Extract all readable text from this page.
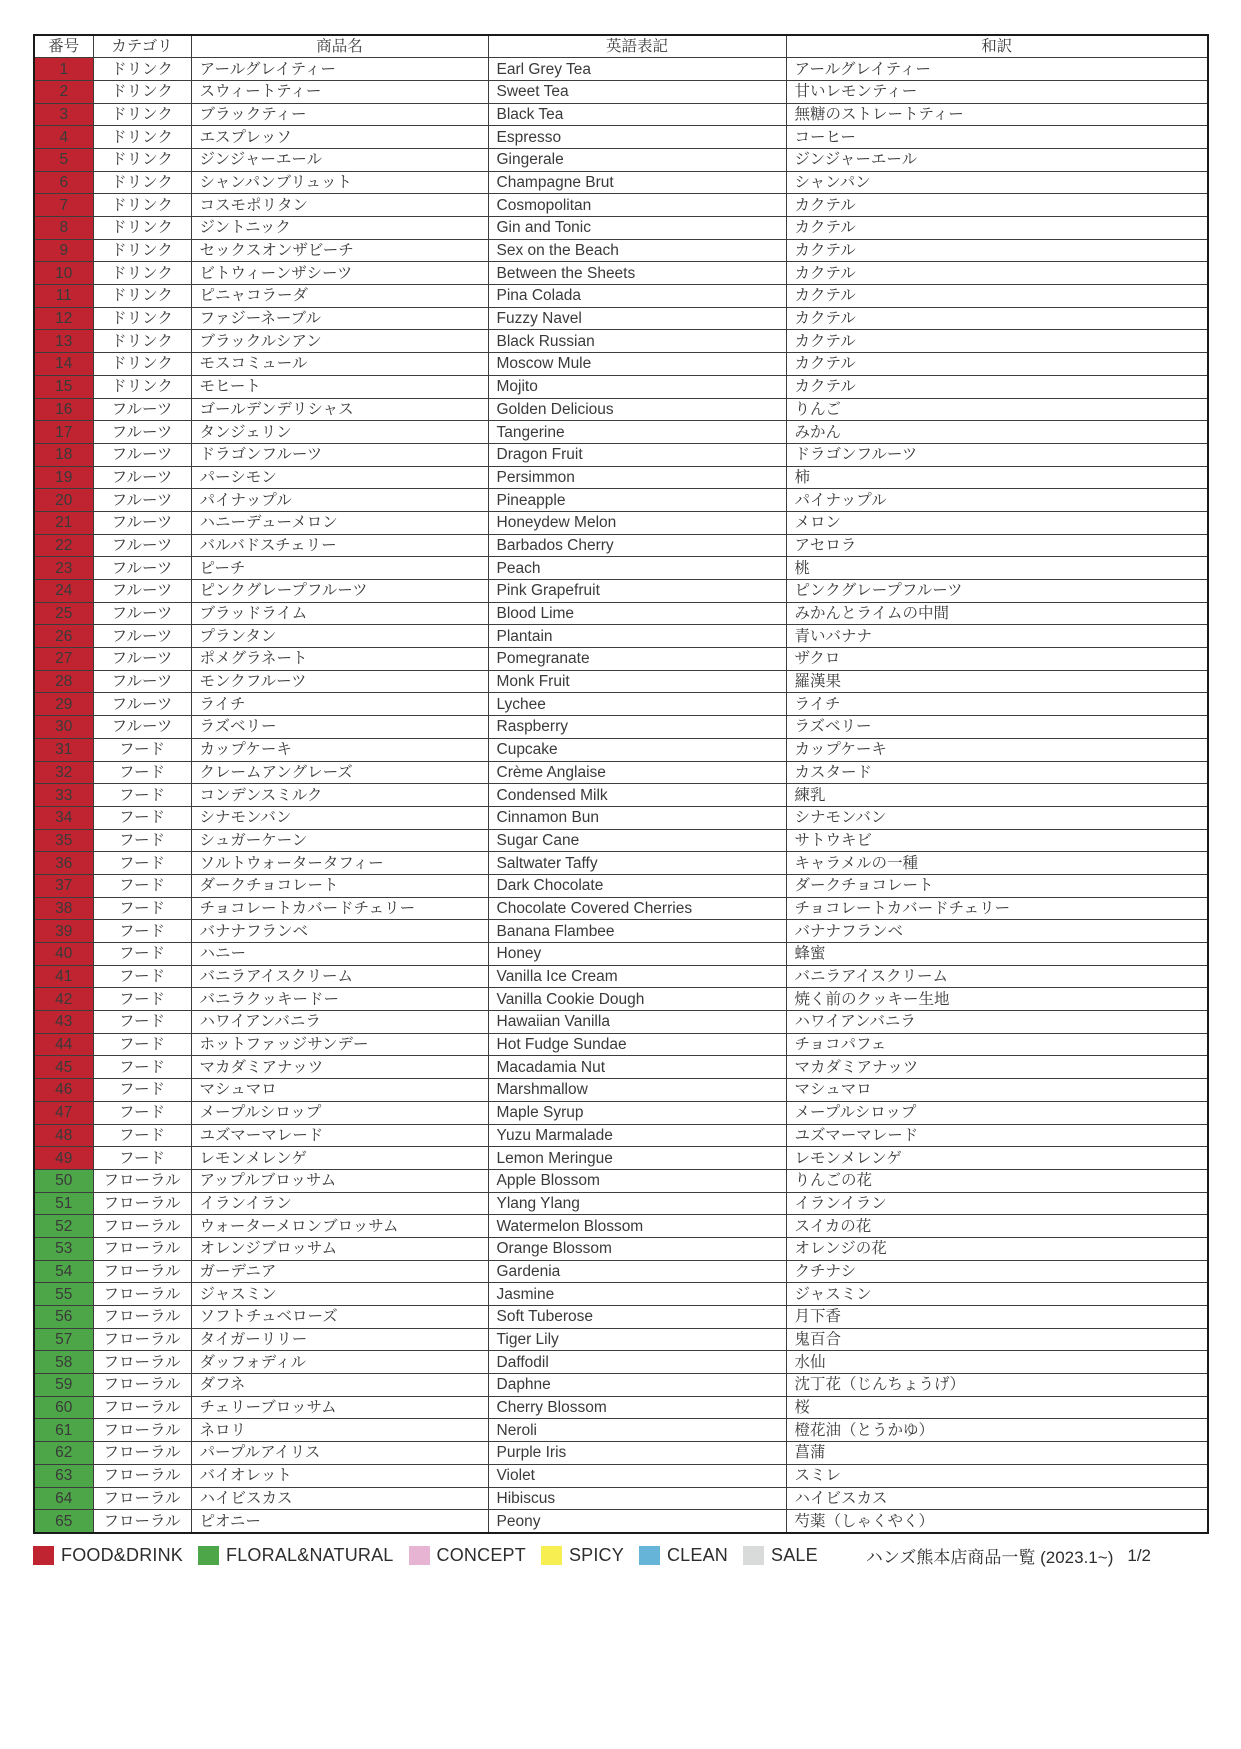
番号	カテゴリ	商品名	英語表記	和訳
1	ドリンク	アールグレイティー	Earl Grey Tea	アールグレイティー
2	ドリンク	スウィートティー	Sweet Tea	甘いレモンティー
3	ドリンク	ブラックティー	Black Tea	無糖のストレートティー
4	ドリンク	エスプレッソ	Espresso	コーヒー
5	ドリンク	ジンジャーエール	Gingerale	ジンジャーエール
6	ドリンク	シャンパンブリュット	Champagne Brut	シャンパン
7	ドリンク	コスモポリタン	Cosmopolitan	カクテル
8	ドリンク	ジントニック	Gin and Tonic	カクテル
9	ドリンク	セックスオンザビーチ	Sex on the Beach	カクテル
10	ドリンク	ビトウィーンザシーツ	Between the Sheets	カクテル
11	ドリンク	ピニャコラーダ	Pina Colada	カクテル
12	ドリンク	ファジーネーブル	Fuzzy Navel	カクテル
13	ドリンク	ブラックルシアン	Black Russian	カクテル
14	ドリンク	モスコミュール	Moscow Mule	カクテル
15	ドリンク	モヒート	Mojito	カクテル
16	フルーツ	ゴールデンデリシャス	Golden Delicious	りんご
17	フルーツ	タンジェリン	Tangerine	みかん
18	フルーツ	ドラゴンフルーツ	Dragon Fruit	ドラゴンフルーツ
19	フルーツ	パーシモン	Persimmon	柿
20	フルーツ	パイナップル	Pineapple	パイナップル
21	フルーツ	ハニーデューメロン	Honeydew Melon	メロン
22	フルーツ	バルバドスチェリー	Barbados Cherry	アセロラ
23	フルーツ	ピーチ	Peach	桃
24	フルーツ	ピンクグレープフルーツ	Pink Grapefruit	ピンクグレープフルーツ
25	フルーツ	ブラッドライム	Blood Lime	みかんとライムの中間
26	フルーツ	プランタン	Plantain	青いバナナ
27	フルーツ	ポメグラネート	Pomegranate	ザクロ
28	フルーツ	モンクフルーツ	Monk Fruit	羅漢果
29	フルーツ	ライチ	Lychee	ライチ
30	フルーツ	ラズベリー	Raspberry	ラズベリー
31	フード	カップケーキ	Cupcake	カップケーキ
32	フード	クレームアングレーズ	Crème Anglaise	カスタード
33	フード	コンデンスミルク	Condensed Milk	練乳
34	フード	シナモンバン	Cinnamon Bun	シナモンバン
35	フード	シュガーケーン	Sugar Cane	サトウキビ
36	フード	ソルトウォータータフィー	Saltwater Taffy	キャラメルの一種
37	フード	ダークチョコレート	Dark Chocolate	ダークチョコレート
38	フード	チョコレートカバードチェリー	Chocolate Covered Cherries	チョコレートカバードチェリー
39	フード	バナナフランベ	Banana Flambee	バナナフランベ
40	フード	ハニー	Honey	蜂蜜
41	フード	バニラアイスクリーム	Vanilla Ice Cream	バニラアイスクリーム
42	フード	バニラクッキードー	Vanilla Cookie Dough	焼く前のクッキー生地
43	フード	ハワイアンバニラ	Hawaiian Vanilla	ハワイアンバニラ
44	フード	ホットファッジサンデー	Hot Fudge Sundae	チョコパフェ
45	フード	マカダミアナッツ	Macadamia Nut	マカダミアナッツ
46	フード	マシュマロ	Marshmallow	マシュマロ
47	フード	メープルシロップ	Maple Syrup	メープルシロップ
48	フード	ユズマーマレード	Yuzu Marmalade	ユズマーマレード
49	フード	レモンメレンゲ	Lemon Meringue	レモンメレンゲ
50	フローラル	アップルブロッサム	Apple Blossom	りんごの花
51	フローラル	イランイラン	Ylang Ylang	イランイラン
52	フローラル	ウォーターメロンブロッサム	Watermelon Blossom	スイカの花
53	フローラル	オレンジブロッサム	Orange Blossom	オレンジの花
54	フローラル	ガーデニア	Gardenia	クチナシ
55	フローラル	ジャスミン	Jasmine	ジャスミン
56	フローラル	ソフトチュベローズ	Soft Tuberose	月下香
57	フローラル	タイガーリリー	Tiger Lily	鬼百合
58	フローラル	ダッフォディル	Daffodil	水仙
59	フローラル	ダフネ	Daphne	沈丁花（じんちょうげ）
60	フローラル	チェリーブロッサム	Cherry Blossom	桜
61	フローラル	ネロリ	Neroli	橙花油（とうかゆ）
62	フローラル	パープルアイリス	Purple Iris	菖蒲
63	フローラル	バイオレット	Violet	スミレ
64	フローラル	ハイビスカス	Hibiscus	ハイビスカス
65	フローラル	ピオニー	Peony	芍薬（しゃくやく）
FOOD&DRINK FLORAL&NATURAL CONCEPT SPICY CLEAN SALE	ハンズ熊本店商品一覧 (2023.1~) 1/2
